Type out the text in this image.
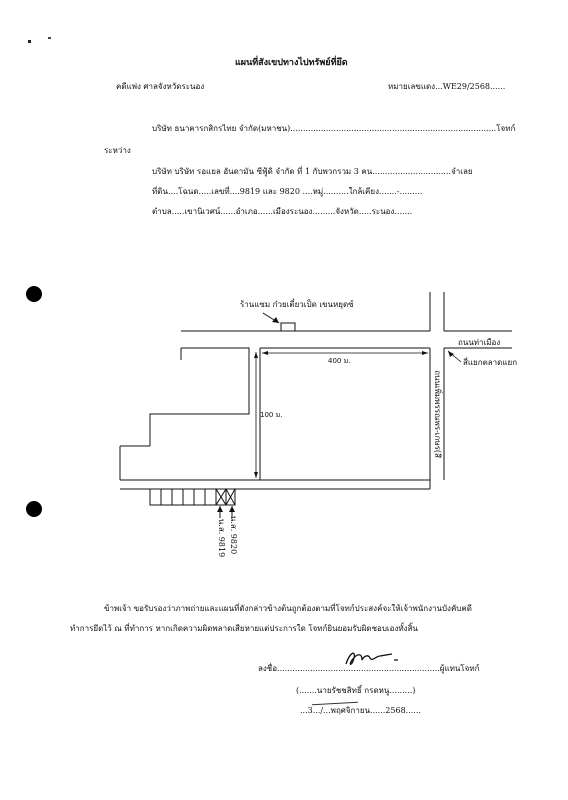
แผนที่สังเขปทางไปทรัพย์ที่ยึด
คดีแพ่ง ศาลจังหวัดระนอง	หมายเลขแดง...WE29/2568......
บริษัท ธนาคารกสิกรไทย จำกัด(มหาชน).................................................................................โจทก์
ระหว่าง
บริษัท บริษัท รอแยล อันดามัน ซีฟู้ดิ จำกัด ที่ 1 กับพวกรวม 3 คน...............................จำเลย
ที่ดิน....โฉนด.....เลขที่....9819 และ 9820 ....หมู่..........ใกล้เคียง.......-.........
ตำบล.....เขานิเวศน์......อำเภอ......เมืองระนอง.........จังหวัด.....ระนอง.......
ร้านแซม ก๋วยเตี๋ยวเป็ด เขนหยุดซ์
ถนนท่าเมือง
สี่แยกตลาดแยก
400 ม.
100 ม.	ถนนเพิ่มพรรณพร-เกษร(สึ
น.ส. 9819 น.ส. 9820
ข้าพเจ้า ขอรับรองว่าภาพถ่ายและแผนที่ดังกล่าวข้างต้นถูกต้องตามที่โจทก์ประสงค์จะให้เจ้าพนักงานบังคับคดี
ทำการยึดไว้ ณ ที่ทำการ หากเกิดความผิดพลาดเสียหายแต่ประการใด โจทก์ยินยอมรับผิดชอบเองทั้งสิ้น
ลงชื่อ................................................................ผู้แทนโจทก์
(.......นายรัชชสิทธิ์ กรดหนู.........)
...3.../...พฤศจิกายน......2568......
